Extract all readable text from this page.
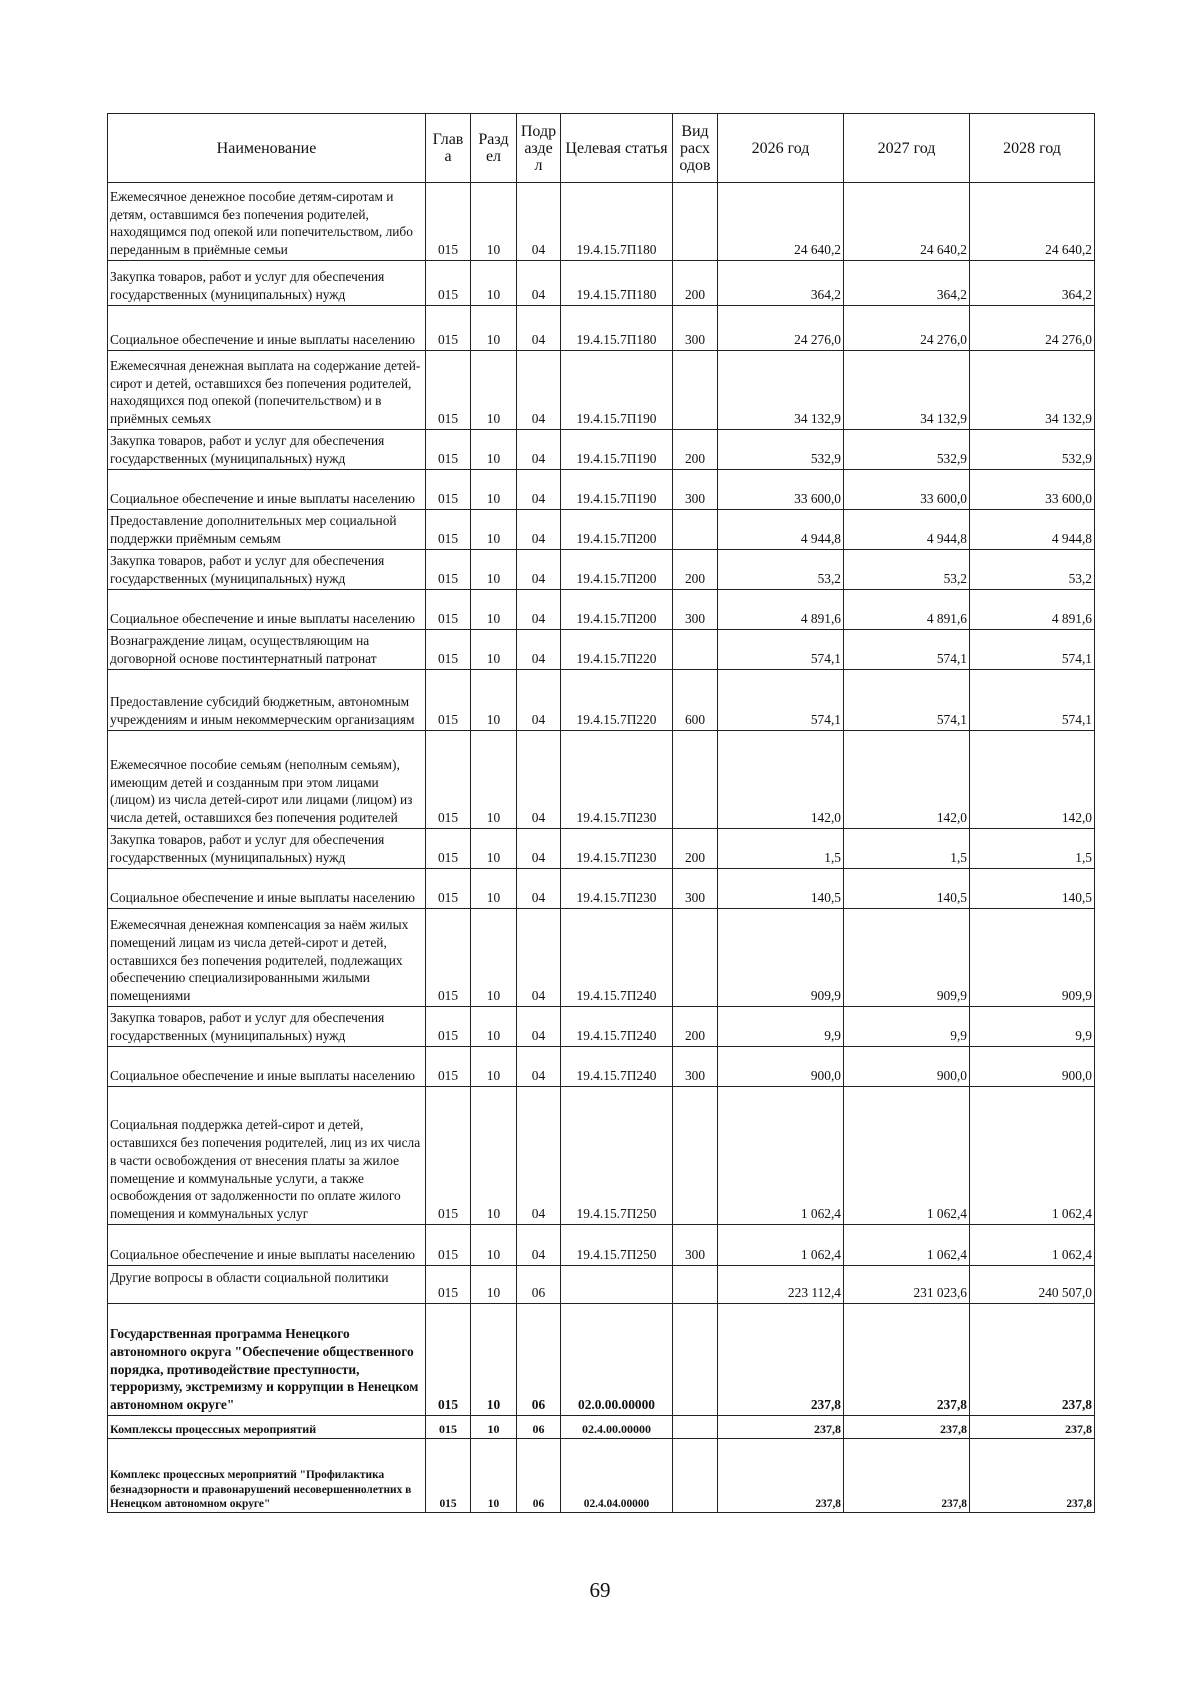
Наименование	Глав а	Разд ел	Подр азде л	Целевая статья	Вид расх одов	2026 год	2027 год	2028 год
Ежемесячное денежное пособие детям-сиротам и детям, оставшимся без попечения родителей, находящимся под опекой или попечительством, либо переданным в приёмные семьи	015	10	04	19.4.15.7П180		24 640,2	24 640,2	24 640,2
Закупка товаров, работ и услуг для обеспечения государственных (муниципальных) нужд	015	10	04	19.4.15.7П180	200	364,2	364,2	364,2
Социальное обеспечение и иные выплаты населению	015	10	04	19.4.15.7П180	300	24 276,0	24 276,0	24 276,0
Ежемесячная денежная выплата на содержание детей-сирот и детей, оставшихся без попечения родителей, находящихся под опекой (попечительством) и в приёмных семьях	015	10	04	19.4.15.7П190		34 132,9	34 132,9	34 132,9
Закупка товаров, работ и услуг для обеспечения государственных (муниципальных) нужд	015	10	04	19.4.15.7П190	200	532,9	532,9	532,9
Социальное обеспечение и иные выплаты населению	015	10	04	19.4.15.7П190	300	33 600,0	33 600,0	33 600,0
Предоставление дополнительных мер социальной поддержки приёмным семьям	015	10	04	19.4.15.7П200		4 944,8	4 944,8	4 944,8
Закупка товаров, работ и услуг для обеспечения государственных (муниципальных) нужд	015	10	04	19.4.15.7П200	200	53,2	53,2	53,2
Социальное обеспечение и иные выплаты населению	015	10	04	19.4.15.7П200	300	4 891,6	4 891,6	4 891,6
Вознаграждение лицам, осуществляющим на договорной основе постинтернатный патронат	015	10	04	19.4.15.7П220		574,1	574,1	574,1
Предоставление субсидий бюджетным, автономным учреждениям и иным некоммерческим организациям	015	10	04	19.4.15.7П220	600	574,1	574,1	574,1
Ежемесячное пособие семьям (неполным семьям), имеющим детей и созданным при этом лицами (лицом) из числа детей-сирот или лицами (лицом) из числа детей, оставшихся без попечения родителей	015	10	04	19.4.15.7П230		142,0	142,0	142,0
Закупка товаров, работ и услуг для обеспечения государственных (муниципальных) нужд	015	10	04	19.4.15.7П230	200	1,5	1,5	1,5
Социальное обеспечение и иные выплаты населению	015	10	04	19.4.15.7П230	300	140,5	140,5	140,5
Ежемесячная денежная компенсация за наём жилых помещений лицам из числа детей-сирот и детей, оставшихся без попечения родителей, подлежащих обеспечению специализированными жилыми помещениями	015	10	04	19.4.15.7П240		909,9	909,9	909,9
Закупка товаров, работ и услуг для обеспечения государственных (муниципальных) нужд	015	10	04	19.4.15.7П240	200	9,9	9,9	9,9
Социальное обеспечение и иные выплаты населению	015	10	04	19.4.15.7П240	300	900,0	900,0	900,0
Социальная поддержка детей-сирот и детей, оставшихся без попечения родителей, лиц из их числа в части освобождения от внесения платы за жилое помещение и коммунальные услуги, а также освобождения от задолженности по оплате жилого помещения и коммунальных услуг	015	10	04	19.4.15.7П250		1 062,4	1 062,4	1 062,4
Социальное обеспечение и иные выплаты населению	015	10	04	19.4.15.7П250	300	1 062,4	1 062,4	1 062,4
Другие вопросы в области социальной политики	015	10	06			223 112,4	231 023,6	240 507,0
Государственная программа Ненецкого автономного округа "Обеспечение общественного порядка, противодействие преступности, терроризму, экстремизму и коррупции в Ненецком автономном округе"	015	10	06	02.0.00.00000		237,8	237,8	237,8
Комплексы процессных мероприятий	015	10	06	02.4.00.00000		237,8	237,8	237,8
Комплекс процессных мероприятий "Профилактика безнадзорности и правонарушений несовершеннолетних в Ненецком автономном округе"	015	10	06	02.4.04.00000		237,8	237,8	237,8
69
